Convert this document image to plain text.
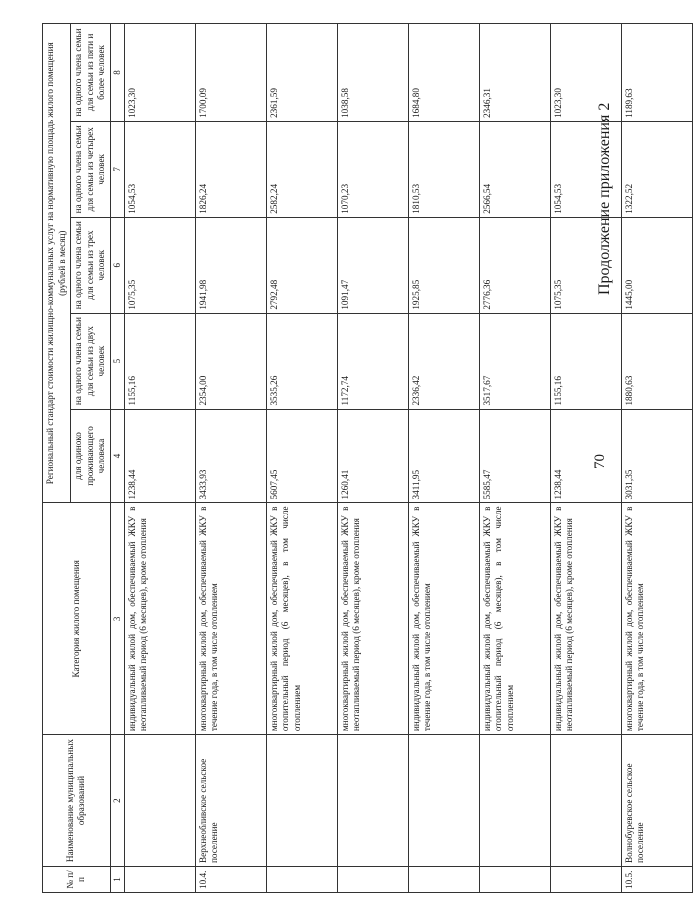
70
Продолжение приложения 2
№ п/п	Наименование муниципальных образований	Категория жилого помещения	Региональный стандарт стоимости жилищно-коммунальных услуг на нормативную площадь жилого помещения (рублей в месяц)				
			для одиноко проживающего человека	на одного члена семьи для семьи из двух человек	на одного члена семьи для семьи из трех человек	на одного члена семьи для семьи из четырех человек	на одного члена семьи для семьи из пяти и более человек
1	2	3	4	5	6	7	8
		индивидуальный жилой дом, обеспечиваемый ЖКУ в неотапливаемый период (6 месяцев), кроме отопления	1238,44	1155,16	1075,35	1054,53	1023,30
10.4.	Верхнеобливское сельское поселение	многоквартирный жилой дом, обеспечиваемый ЖКУ в течение года, в том числе отоплением	3433,93	2354,00	1941,98	1826,24	1700,09
		многоквартирный жилой дом, обеспечиваемый ЖКУ в отопительный период (6 месяцев), в том числе отоплением	5607,45	3535,26	2792,48	2582,24	2361,59
		многоквартирный жилой дом, обеспечиваемый ЖКУ в неотапливаемый период (6 месяцев), кроме отопления	1260,41	1172,74	1091,47	1070,23	1038,58
		индивидуальный жилой дом, обеспечиваемый ЖКУ в течение года, в том числе отоплением	3411,95	2336,42	1925,85	1810,53	1684,80
		индивидуальный жилой дом, обеспечиваемый ЖКУ в отопительный период (6 месяцев), в том числе отоплением	5585,47	3517,67	2776,36	2566,54	2346,31
		индивидуальный жилой дом, обеспечиваемый ЖКУ в неотапливаемый период (6 месяцев), кроме отопления	1238,44	1155,16	1075,35	1054,53	1023,30
10.5.	Волнобуревское сельское поселение	многоквартирный жилой дом, обеспечиваемый ЖКУ в течение года, в том числе отоплением	3031,35	1880,63	1445,00	1322,52	1189,63
